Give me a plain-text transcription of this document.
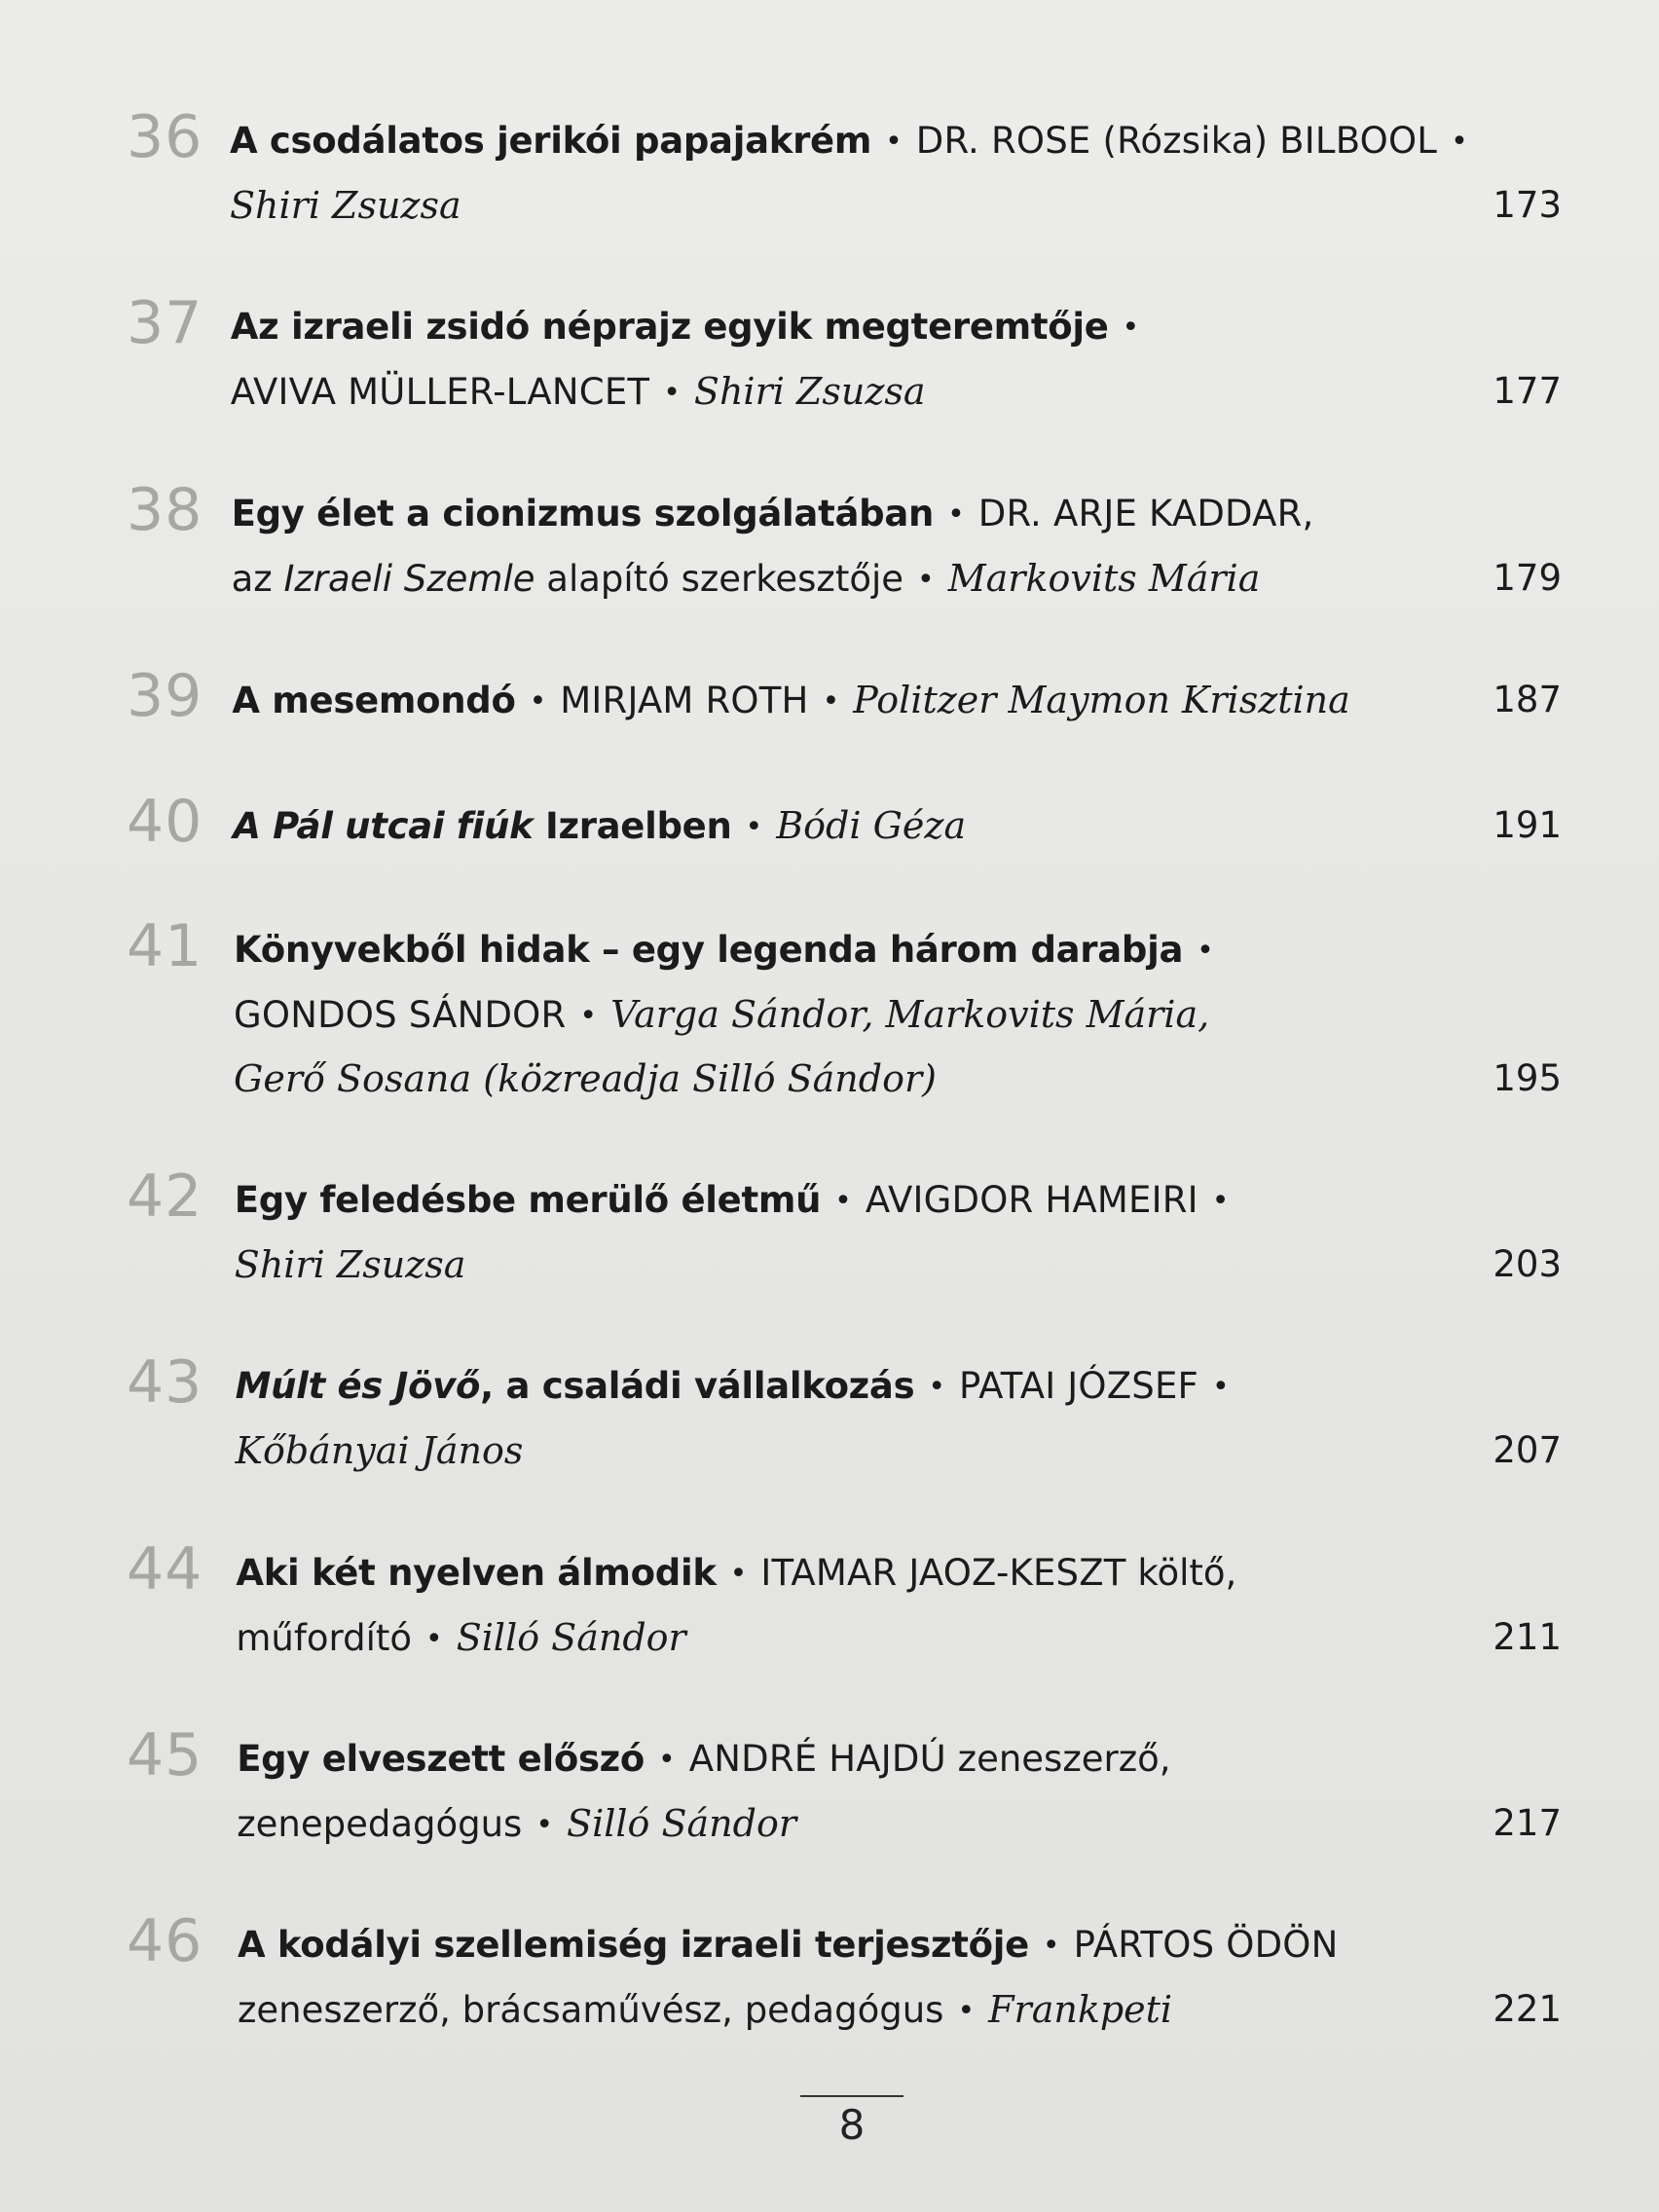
36 A csodálatos jerikói papajakrém • DR. ROSE (Rózsika) BILBOOL •
Shiri Zsuzsa	173
37 Az izraeli zsidó néprajz egyik megteremtője •
AVIVA MÜLLER-LANCET • Shiri Zsuzsa	177
38 Egy élet a cionizmus szolgálatában • DR. ARJE KADDAR,
az Izraeli Szemle alapító szerkesztője • Markovits Mária	179
39 A mesemondó • MIRJAM ROTH • Politzer Maymon Krisztina	187
40 A Pál utcai fiúk Izraelben • Bódi Géza	191
41 Könyvekből hidak – egy legenda három darabja •
GONDOS SÁNDOR • Varga Sándor, Markovits Mária,
Gerő Sosana (közreadja Silló Sándor)	195
42 Egy feledésbe merülő életmű • AVIGDOR HAMEIRI •
Shiri Zsuzsa	203
43 Múlt és Jövő, a családi vállalkozás • PATAI JÓZSEF •
Kőbányai János	207
44 Aki két nyelven álmodik • ITAMAR JAOZ-KESZT költő,
műfordító • Silló Sándor	211
45 Egy elveszett előszó • ANDRÉ HAJDÚ zeneszerző,
zenepedagógus • Silló Sándor	217
46 A kodályi szellemiség izraeli terjesztője • PÁRTOS ÖDÖN
zeneszerző, brácsaművész, pedagógus • Frankpeti	221
8
